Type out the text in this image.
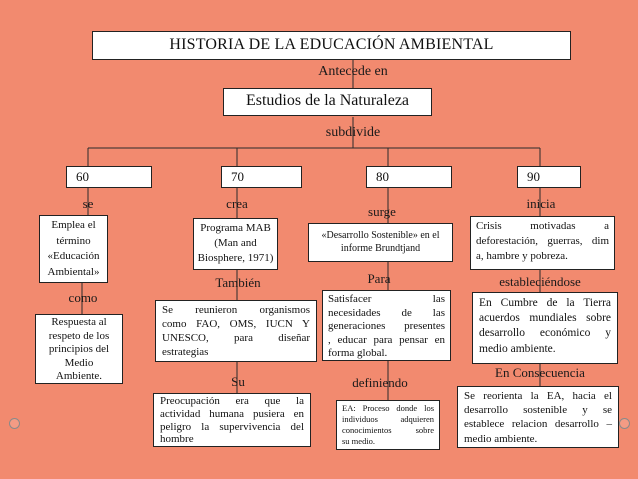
HISTORIA DE LA EDUCACIÓN AMBIENTAL
Antecede en
Estudios de la Naturaleza
subdivide
60	70	80	90
se
Emplea el
término
«Educación
Ambiental»
como
Respuesta al
respeto de los
principios del
Medio
Ambiente.
crea
Programa MAB
(Man and
Biosphere, 1971)
También
Se reunieron organismos
como FAO, OMS, IUCN Y
UNESCO, para diseñar
estrategias
Su
Preocupación era que la
actividad humana pusiera en
peligro la supervivencia del
hombre
surge
«Desarrollo Sostenible» en el
informe Brundtjand
Para
Satisfacer las
necesidades de las
generaciones presentes
, educar para pensar en
forma global.
definiendo
EA: Proceso donde los
individuos adquieren
conocimientos sobre
su medio.
inicia
Crisis motivadas a
deforestación, guerras, dim
a, hambre y pobreza.
estableciéndose
En Cumbre de la Tierra
acuerdos mundiales sobre
desarrollo económico y
medio ambiente.
En Consecuencia
Se reorienta la EA, hacia el
desarrollo sostenible y se
establece relacion desarrollo –
medio ambiente.
